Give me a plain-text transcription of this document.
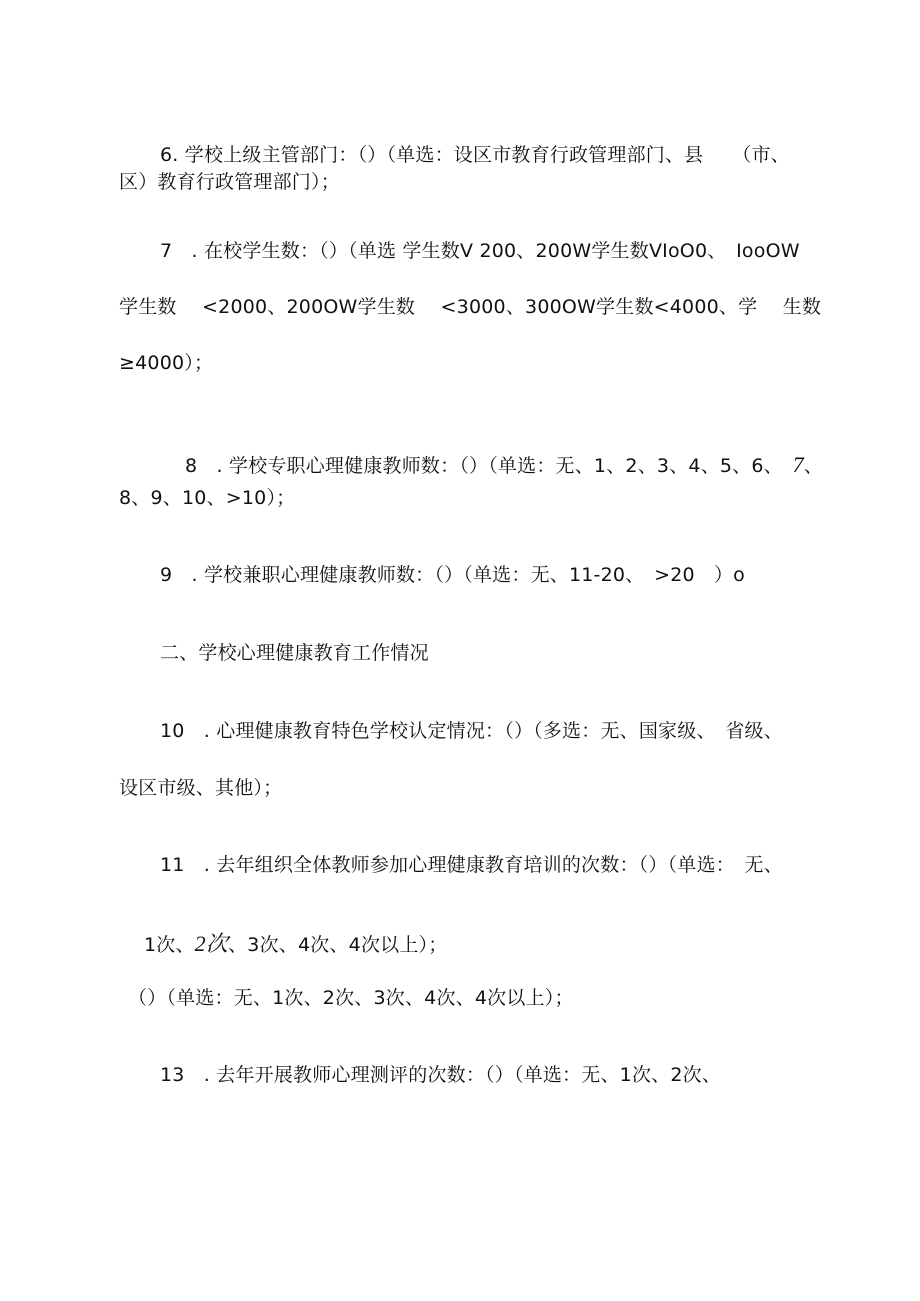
6. 学校上级主管部门：（）（单选：设区市教育行政管理部门、县　　（市、
区）教育行政管理部门）；
7　. 在校学生数：（）（单选 学生数V 200、200W学生数VIoO0、　IooOW
学生数　 <2000、200OW学生数　 <3000、300OW学生数<4000、学　 生数
≥4000）；

8　. 学校专职心理健康教师数：（）（单选：无、1、2、3、4、5、6、　7、

8、9、10、>10）；
9　. 学校兼职心理健康教师数：（）（单选：无、11-20、　>20　）o
二、学校心理健康教育工作情况
10　. 心理健康教育特色学校认定情况：（）（多选：无、国家级、　省级、
设区市级、其他）；
11　. 去年组织全体教师参加心理健康教育培训的次数：（）（单选：　无、

1次、2次、3次、4次、4次以上）；

（）（单选：无、1次、2次、3次、4次、4次以上）；
13　. 去年开展教师心理测评的次数：（）（单选：无、1次、2次、
